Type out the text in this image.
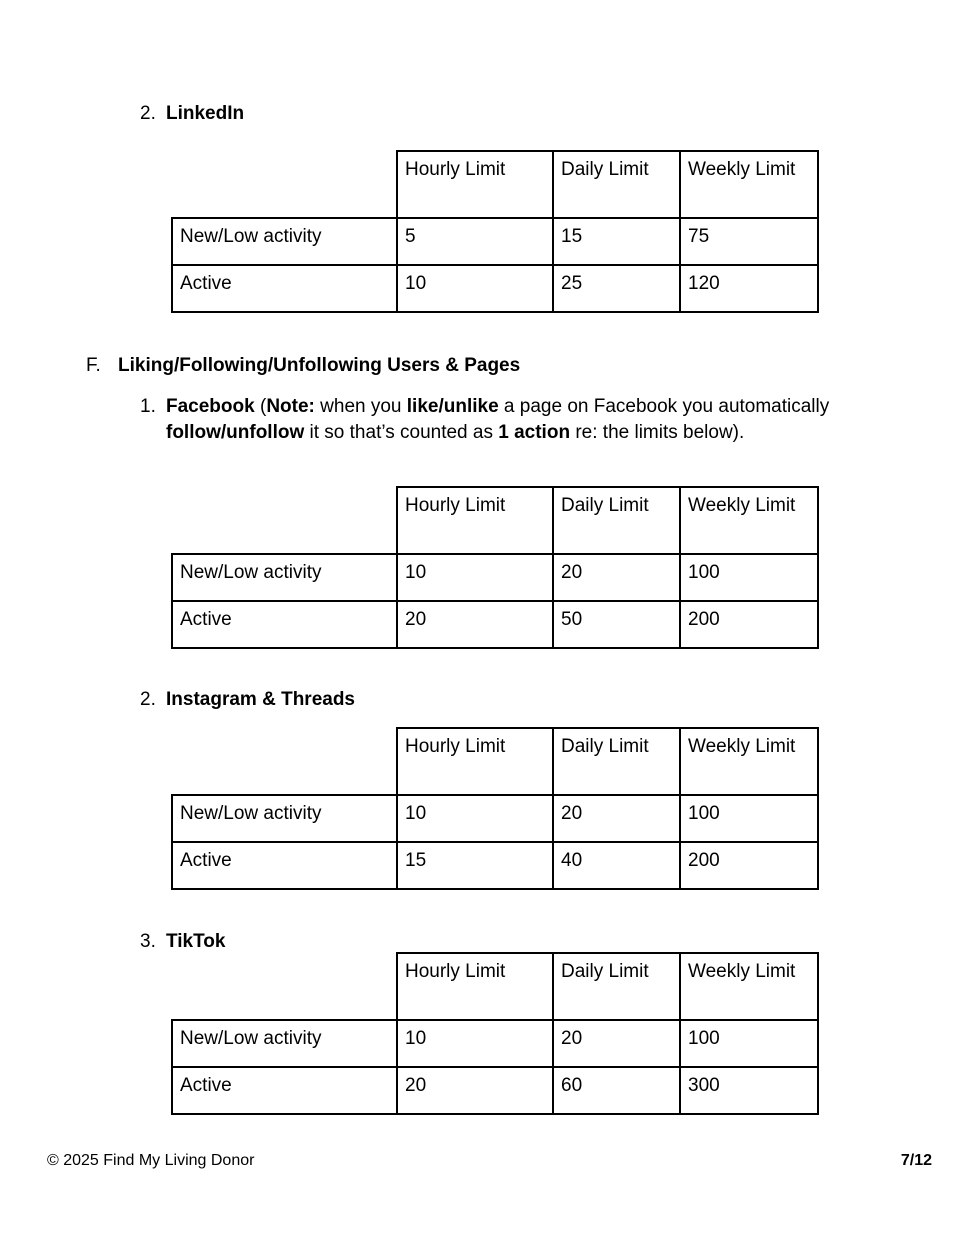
2. LinkedIn
	Hourly Limit	Daily Limit	Weekly Limit
New/Low activity	5	15	75
Active	10	25	120
F. Liking/Following/Unfollowing Users & Pages
1. Facebook (Note: when you like/unlike a page on Facebook you automatically follow/unfollow it so that’s counted as 1 action re: the limits below).
	Hourly Limit	Daily Limit	Weekly Limit
New/Low activity	10	20	100
Active	20	50	200
2. Instagram & Threads
	Hourly Limit	Daily Limit	Weekly Limit
New/Low activity	10	20	100
Active	15	40	200
3. TikTok
	Hourly Limit	Daily Limit	Weekly Limit
New/Low activity	10	20	100
Active	20	60	300
© 2025 Find My Living Donor	7/12
